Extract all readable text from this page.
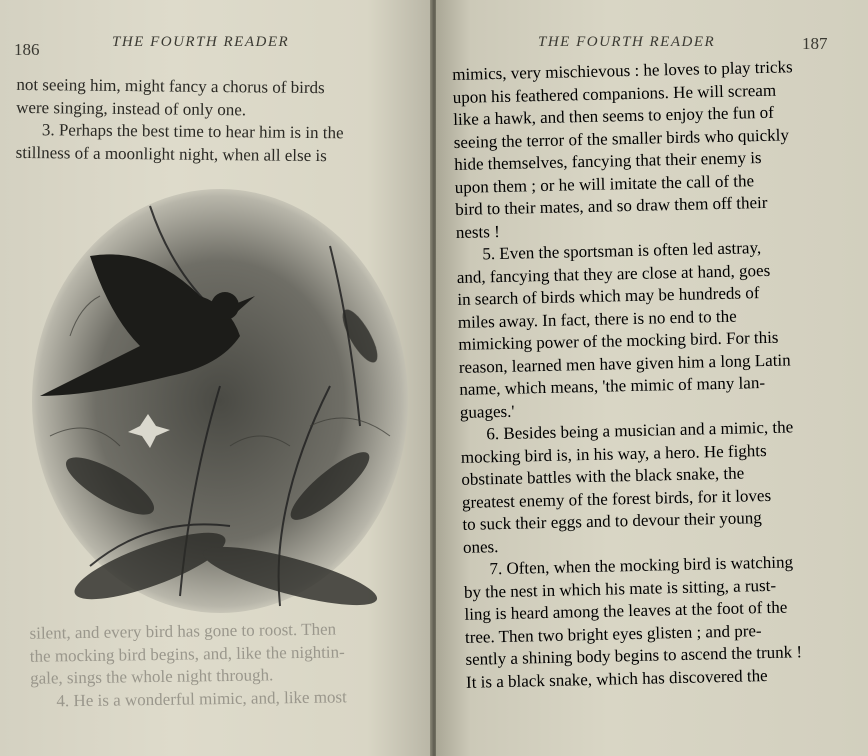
186	THE FOURTH READER

not seeing him, might fancy a chorus of birds
were singing, instead of only one.
3. Perhaps the best time to hear him is in the
stillness of a moonlight night, when all else is

silent, and every bird has gone to roost. Then
the mocking bird begins, and, like the nightin-
gale, sings the whole night through.
4. He is a wonderful mimic, and, like most

THE FOURTH READER	187

mimics, very mischievous : he loves to play tricks
upon his feathered companions. He will scream
like a hawk, and then seems to enjoy the fun of
seeing the terror of the smaller birds who quickly
hide themselves, fancying that their enemy is
upon them ; or he will imitate the call of the
bird to their mates, and so draw them off their
nests !
5. Even the sportsman is often led astray,
and, fancying that they are close at hand, goes
in search of birds which may be hundreds of
miles away. In fact, there is no end to the
mimicking power of the mocking bird. For this
reason, learned men have given him a long Latin
name, which means, 'the mimic of many lan-
guages.'
6. Besides being a musician and a mimic, the
mocking bird is, in his way, a hero. He fights
obstinate battles with the black snake, the
greatest enemy of the forest birds, for it loves
to suck their eggs and to devour their young
ones.
7. Often, when the mocking bird is watching
by the nest in which his mate is sitting, a rust-
ling is heard among the leaves at the foot of the
tree. Then two bright eyes glisten ; and pre-
sently a shining body begins to ascend the trunk !
It is a black snake, which has discovered the
